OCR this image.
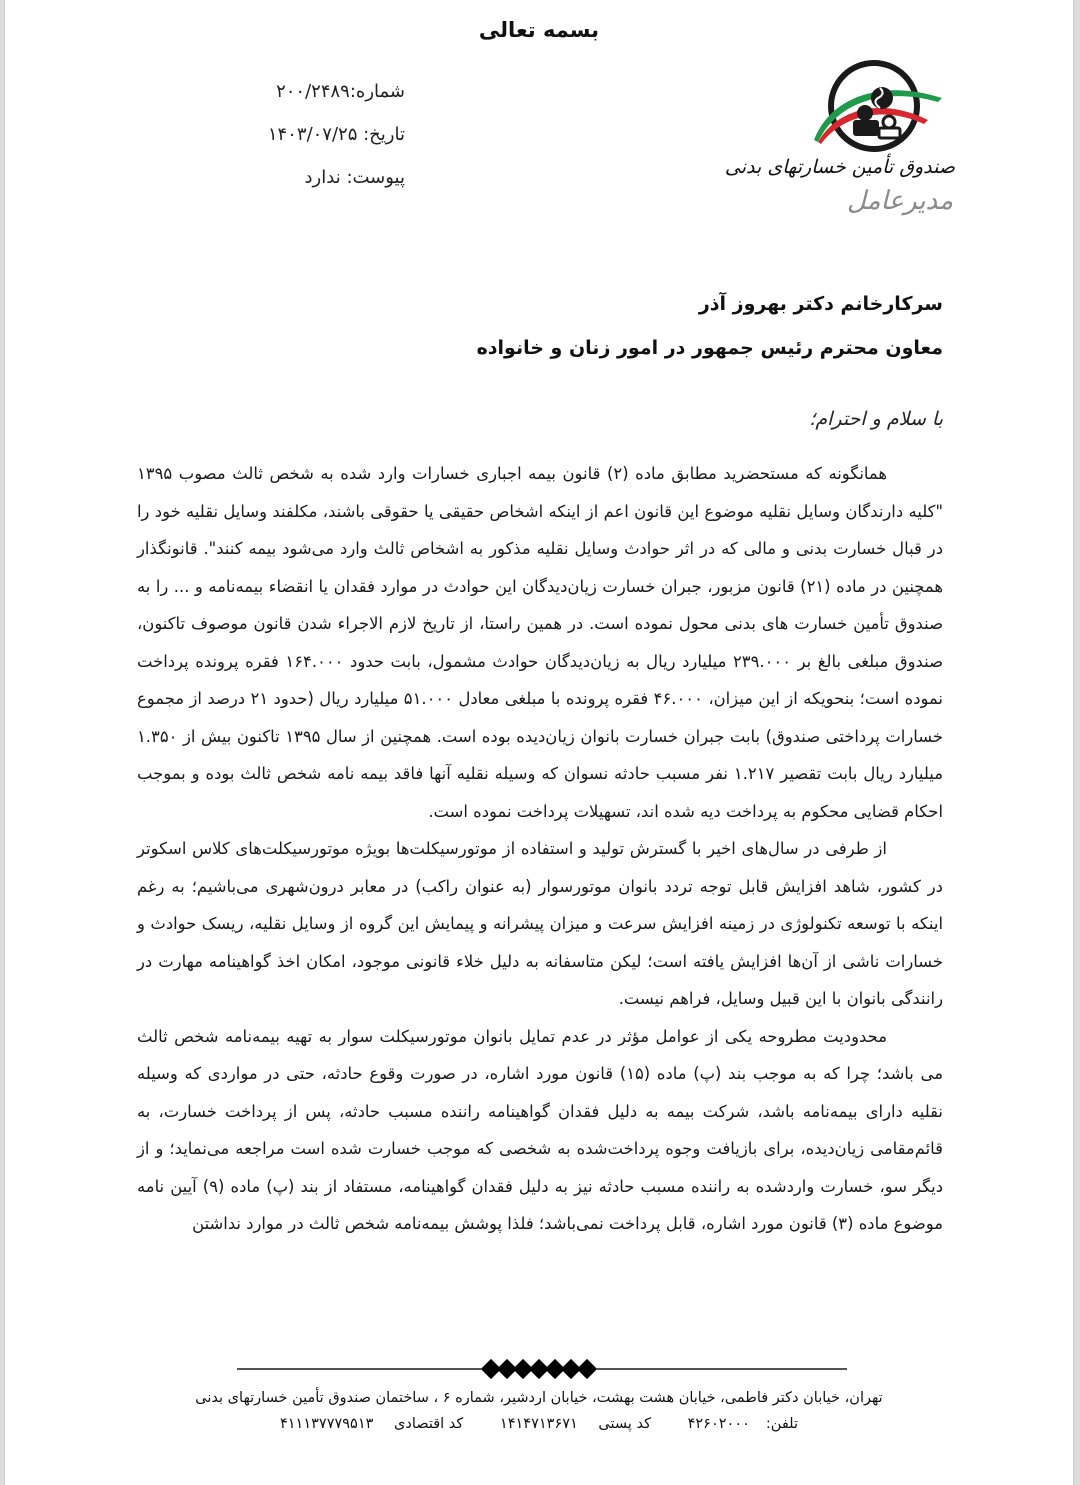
بسمه تعالی
شماره:۲۰۰/۲۴۸۹
تاریخ: ۱۴۰۳/۰۷/۲۵
پیوست: ندارد	صندوق تأمین خسارتهای بدنی
مدیرعامل
سرکارخانم دکتر بهروز آذر
معاون محترم رئیس جمهور در امور زنان و خانواده
با سلام و احترام؛

همانگونه که مستحضرید مطابق ماده (۲) قانون بیمه اجباری خسارات وارد شده به شخص ثالث مصوب ۱۳۹۵ "کلیه دارندگان وسایل نقلیه موضوع این قانون اعم از اینکه اشخاص حقیقی یا حقوقی باشند، مکلفند وسایل نقلیه خود را در قبال خسارت بدنی و مالی که در اثر حوادث وسایل نقلیه مذکور به اشخاص ثالث وارد می‌شود بیمه کنند". قانونگذار همچنین در ماده (۲۱) قانون مزبور، جبران خسارت زیان‌دیدگان این حوادث در موارد فقدان یا انقضاء بیمه‌نامه و ... را به صندوق تأمین خسارت های بدنی محول نموده است. در همین راستا، از تاریخ لازم الاجراء شدن قانون موصوف تاکنون، صندوق مبلغی بالغ بر ۲۳۹.۰۰۰ میلیارد ریال به زیان‌دیدگان حوادث مشمول، بابت حدود ۱۶۴.۰۰۰ فقره پرونده پرداخت نموده است؛ بنحویکه از این میزان، ۴۶.۰۰۰ فقره پرونده با مبلغی معادل ۵۱.۰۰۰ میلیارد ریال (حدود ۲۱ درصد از مجموع خسارات پرداختی صندوق) بابت جبران خسارت بانوان زیان‌دیده بوده است. همچنین از سال ۱۳۹۵ تاکنون بیش از ۱.۳۵۰ میلیارد ریال بابت تقصیر ۱.۲۱۷ نفر مسبب حادثه نسوان که وسیله نقلیه آنها فاقد بیمه نامه شخص ثالث بوده و بموجب احکام قضایی محکوم به پرداخت دیه شده اند، تسهیلات پرداخت نموده است.

از طرفی در سال‌های اخیر با گسترش تولید و استفاده از موتورسیکلت‌ها بویژه موتورسیکلت‌های کلاس اسکوتر در کشور، شاهد افزایش قابل توجه تردد بانوان موتورسوار (به عنوان راکب) در معابر درون‌شهری می‌باشیم؛ به رغم اینکه با توسعه تکنولوژی در زمینه افزایش سرعت و میزان پیشرانه و پیمایش این گروه از وسایل نقلیه، ریسک حوادث و خسارات ناشی از آن‌ها افزایش یافته است؛ لیکن متاسفانه به دلیل خلاء قانونی موجود، امکان اخذ گواهینامه مهارت در رانندگی بانوان با این قبیل وسایل، فراهم نیست.

محدودیت مطروحه یکی از عوامل مؤثر در عدم تمایل بانوان موتورسیکلت سوار به تهیه بیمه‌نامه شخص ثالث می باشد؛ چرا که به موجب بند (پ) ماده (۱۵) قانون مورد اشاره، در صورت وقوع حادثه، حتی در مواردی که وسیله نقلیه دارای بیمه‌نامه باشد، شرکت بیمه به دلیل فقدان گواهینامه راننده مسبب حادثه، پس از پرداخت خسارت، به قائم‌مقامی زیان‌دیده، برای بازیافت وجوه پرداخت‌شده به شخصی که موجب خسارت شده است مراجعه می‌نماید؛ و از دیگر سو، خسارت واردشده به راننده مسبب حادثه نیز به دلیل فقدان گواهینامه، مستفاد از بند (پ) ماده (۹) آیین نامه موضوع ماده (۳) قانون مورد اشاره، قابل پرداخت نمی‌باشد؛ فلذا پوشش بیمه‌نامه شخص ثالث در موارد نداشتن

تهران، خیابان دکتر فاطمی، خیابان هشت بهشت، خیابان اردشیر، شماره ۶ ، ساختمان صندوق تأمین خسارتهای بدنی
تلفن:۴۲۶۰۲۰۰۰ کد پستی ۱۴۱۴۷۱۳۶۷۱ کد اقتصادی ۴۱۱۱۳۷۷۷۹۵۱۳
